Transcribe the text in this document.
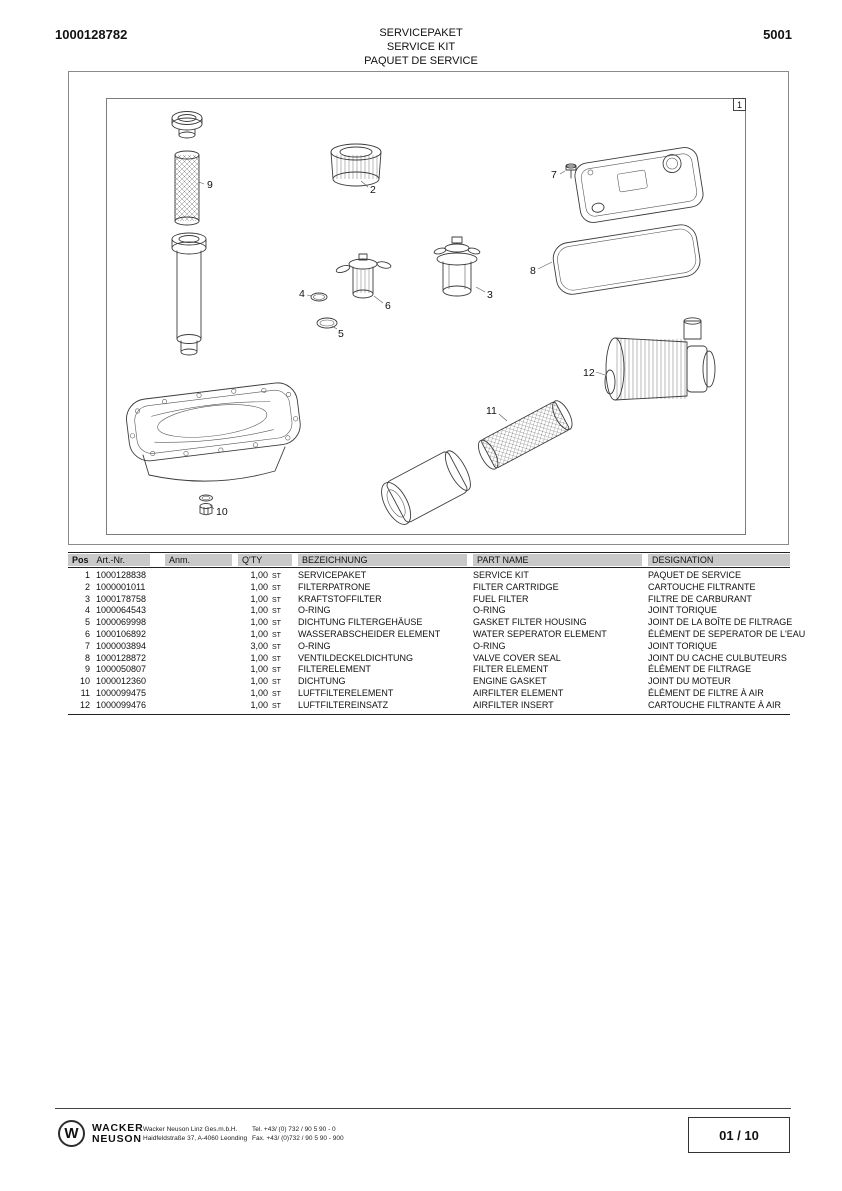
1000128782	SERVICEPAKET
SERVICE KIT
PAQUET DE SERVICE
5001
1
9	2
4
5
6
3
7
8
12
11
10
Pos Art.-Nr.	Anm.	Q'TY	BEZEICHNUNG	PART NAME	DESIGNATION
1 1000128838	1,00 ST	SERVICEPAKET	SERVICE KIT	PAQUET DE SERVICE
2 1000001011	1,00 ST	FILTERPATRONE	FILTER CARTRIDGE	CARTOUCHE FILTRANTE
3 1000178758	1,00 ST	KRAFTSTOFFILTER	FUEL FILTER	FILTRE DE CARBURANT
4 1000064543	1,00 ST	O-RING	O-RING	JOINT TORIQUE
5 1000069998	1,00 ST	DICHTUNG FILTERGEHÄUSE	GASKET FILTER HOUSING	JOINT DE LA BOÎTE DE FILTRAGE
6 1000106892	1,00 ST	WASSERABSCHEIDER ELEMENT	WATER SEPERATOR ELEMENT	ÉLÉMENT DE SEPERATOR DE L'EAU
7 1000003894	3,00 ST	O-RING	O-RING	JOINT TORIQUE
8 1000128872	1,00 ST	VENTILDECKELDICHTUNG	VALVE COVER SEAL	JOINT DU CACHE CULBUTEURS
9 1000050807	1,00 ST	FILTERELEMENT	FILTER ELEMENT	ÉLÉMENT DE FILTRAGE
10 1000012360	1,00 ST	DICHTUNG	ENGINE GASKET	JOINT DU MOTEUR
11 1000099475	1,00 ST	LUFTFILTERELEMENT	AIRFILTER ELEMENT	ÉLÉMENT DE FILTRE À AIR
12 1000099476	1,00 ST	LUFTFILTEREINSATZ	AIRFILTER INSERT	CARTOUCHE FILTRANTE À AIR
W	WACKER
NEUSON
Wacker Neuson Linz Ges.m.b.H.
Haidfeldstraße 37, A-4060 Leonding
Tel. +43/ (0) 732 / 90 5 90 - 0
Fax. +43/ (0)732 / 90 5 90 - 900	01 / 10
